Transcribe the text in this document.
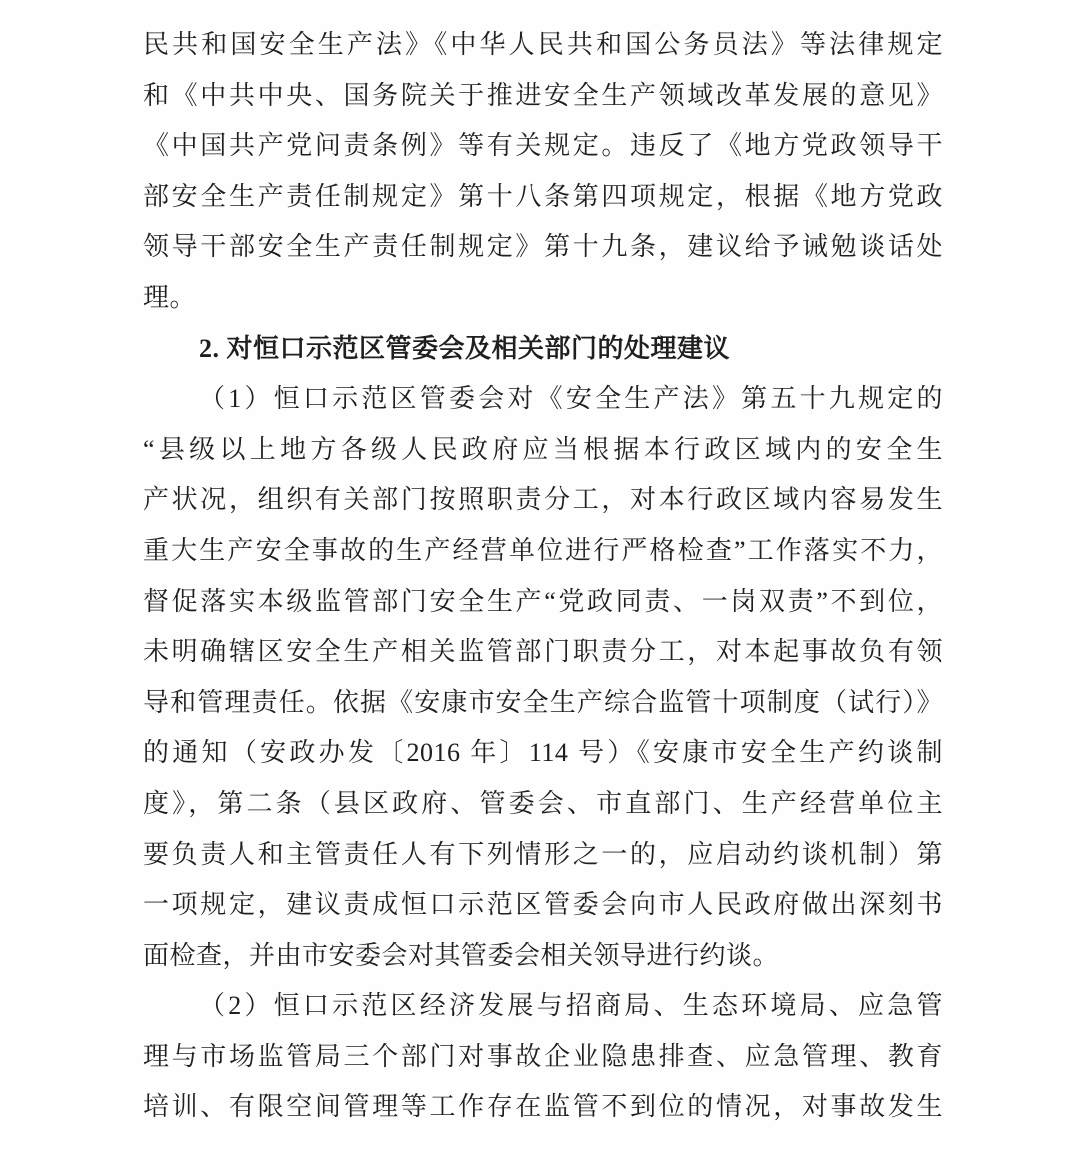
民共和国安全生产法》《中华人民共和国公务员法》等法律规定
和《中共中央、国务院关于推进安全生产领域改革发展的意见》
《中国共产党问责条例》等有关规定。违反了《地方党政领导干
部安全生产责任制规定》第十八条第四项规定，根据《地方党政
领导干部安全生产责任制规定》第十九条，建议给予诫勉谈话处
理。
2. 对恒口示范区管委会及相关部门的处理建议
（1）恒口示范区管委会对《安全生产法》第五十九规定的
“县级以上地方各级人民政府应当根据本行政区域内的安全生
产状况，组织有关部门按照职责分工，对本行政区域内容易发生
重大生产安全事故的生产经营单位进行严格检查”工作落实不力，
督促落实本级监管部门安全生产“党政同责、一岗双责”不到位，
未明确辖区安全生产相关监管部门职责分工，对本起事故负有领
导和管理责任。依据《安康市安全生产综合监管十项制度（试行）》
的通知（安政办发〔2016 年〕114 号）《安康市安全生产约谈制
度》，第二条（县区政府、管委会、市直部门、生产经营单位主
要负责人和主管责任人有下列情形之一的，应启动约谈机制）第
一项规定，建议责成恒口示范区管委会向市人民政府做出深刻书
面检查，并由市安委会对其管委会相关领导进行约谈。
（2）恒口示范区经济发展与招商局、生态环境局、应急管
理与市场监管局三个部门对事故企业隐患排查、应急管理、教育
培训、有限空间管理等工作存在监管不到位的情况，对事故发生
